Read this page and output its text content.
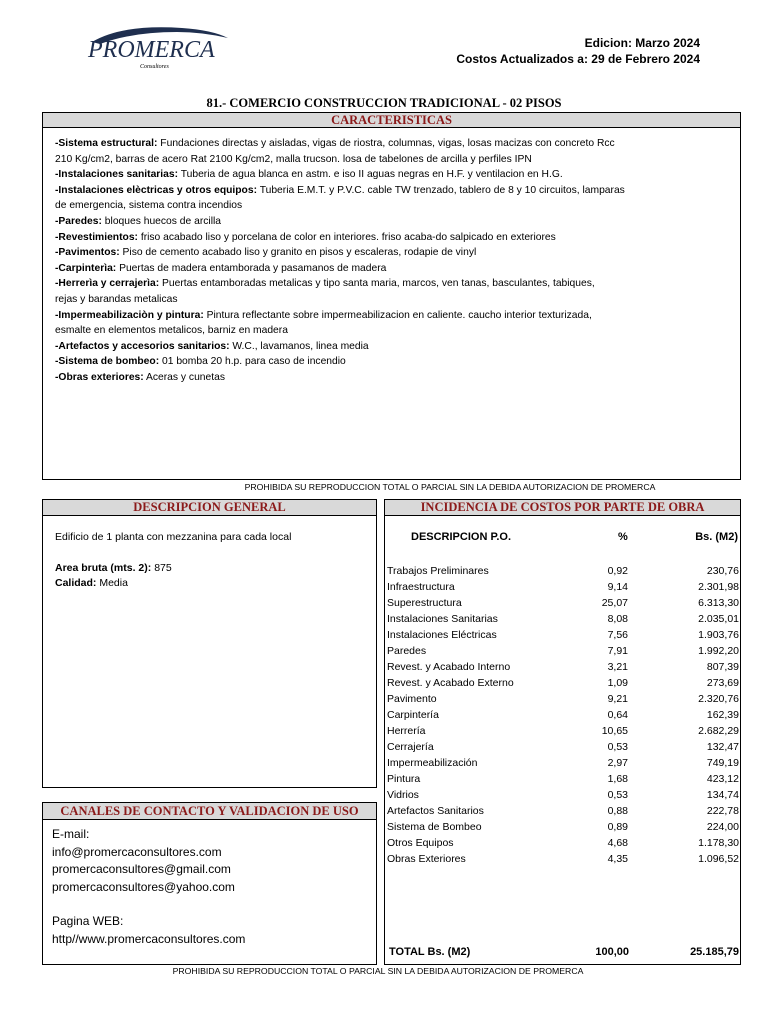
PROMERCA
Consultores
Edicion: Marzo 2024
Costos Actualizados a: 29 de Febrero 2024
81.- COMERCIO CONSTRUCCION TRADICIONAL - 02 PISOS
CARACTERISTICAS
-Sistema estructural: Fundaciones directas y aisladas, vigas de riostra, columnas, vigas, losas macizas con concreto Rcc
210 Kg/cm2, barras de acero Rat 2100 Kg/cm2, malla trucson. losa de tabelones de arcilla y perfiles IPN
-Instalaciones sanitarias: Tuberia de agua blanca en astm. e iso II aguas negras en H.F. y ventilacion en H.G.
-Instalaciones elèctricas y otros equipos: Tuberia E.M.T. y P.V.C. cable TW trenzado, tablero de 8 y 10 circuitos, lamparas
de emergencia, sistema contra incendios
-Paredes: bloques huecos de arcilla
-Revestimientos: friso acabado liso y porcelana de color en interiores. friso acaba-do salpicado en exteriores
-Pavimentos: Piso de cemento acabado liso y granito en pisos y escaleras, rodapie de vinyl
-Carpinterìa: Puertas de madera entamborada y pasamanos de madera
-Herrerìa y cerrajerìa: Puertas entamboradas metalicas y tipo santa maria, marcos, ven tanas, basculantes, tabiques,
rejas y barandas metalicas
-Impermeabilizaciòn y pintura: Pintura reflectante sobre impermeabilizacion en caliente. caucho interior texturizada,
esmalte en elementos metalicos, barniz en madera
-Artefactos y accesorios sanitarios: W.C., lavamanos, linea media
-Sistema de bombeo: 01 bomba 20 h.p. para caso de incendio
-Obras exteriores: Aceras y cunetas
PROHIBIDA SU REPRODUCCION TOTAL O PARCIAL SIN LA DEBIDA AUTORIZACION DE PROMERCA
DESCRIPCION GENERAL
Edificio de 1 planta con mezzanina para cada local
Area bruta (mts. 2): 875
Calidad: Media
CANALES DE CONTACTO Y VALIDACION DE USO
E-mail:
info@promercaconsultores.com
promercaconsultores@gmail.com
promercaconsultores@yahoo.com
Pagina WEB:
http//www.promercaconsultores.com
INCIDENCIA DE COSTOS POR PARTE DE OBRA
DESCRIPCION P.O.	%	Bs. (M2)
Trabajos Preliminares	0,92	230,76
Infraestructura	9,14	2.301,98
Superestructura	25,07	6.313,30
Instalaciones Sanitarias	8,08	2.035,01
Instalaciones Eléctricas	7,56	1.903,76
Paredes	7,91	1.992,20
Revest. y Acabado Interno	3,21	807,39
Revest. y Acabado Externo	1,09	273,69
Pavimento	9,21	2.320,76
Carpintería	0,64	162,39
Herrería	10,65	2.682,29
Cerrajería	0,53	132,47
Impermeabilización	2,97	749,19
Pintura	1,68	423,12
Vidrios	0,53	134,74
Artefactos Sanitarios	0,88	222,78
Sistema de Bombeo	0,89	224,00
Otros Equipos	4,68	1.178,30
Obras Exteriores	4,35	1.096,52
TOTAL Bs. (M2)	100,00	25.185,79
PROHIBIDA SU REPRODUCCION TOTAL O PARCIAL SIN LA DEBIDA AUTORIZACION DE PROMERCA
